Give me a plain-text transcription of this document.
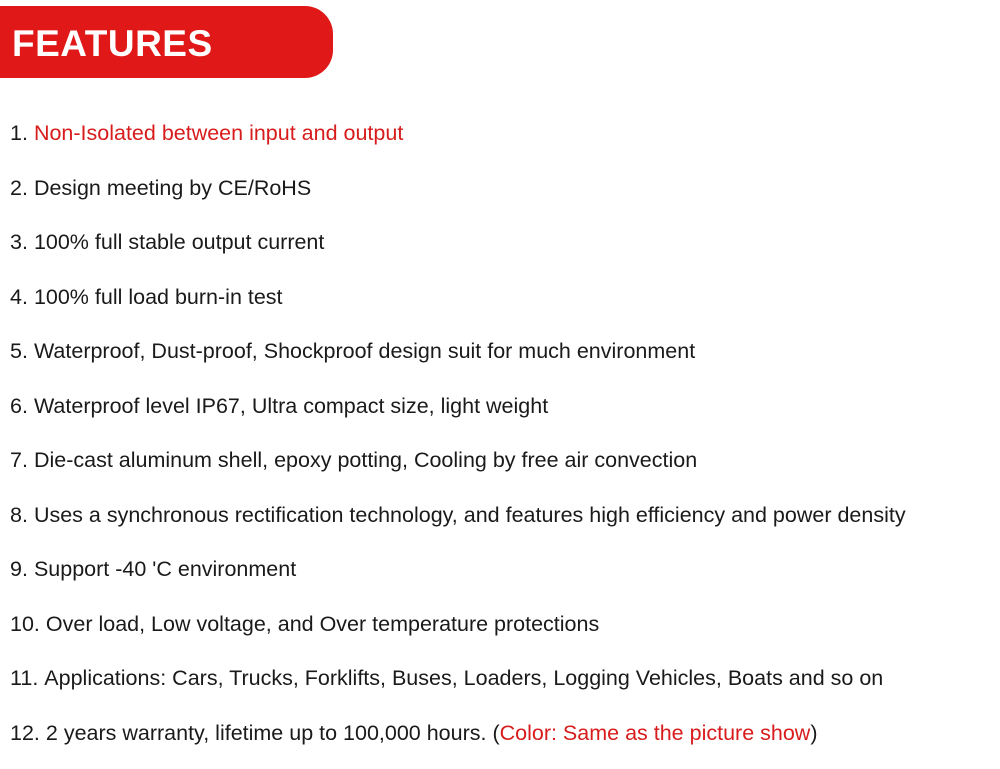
FEATURES
1. Non-Isolated between input and output
2. Design meeting by CE/RoHS
3. 100% full stable output current
4. 100% full load burn-in test
5. Waterproof, Dust-proof, Shockproof design suit for much environment
6. Waterproof level IP67, Ultra compact size, light weight
7. Die-cast aluminum shell, epoxy potting, Cooling by free air convection
8. Uses a synchronous rectification technology, and features high efficiency and power density
9. Support -40 'C environment
10. Over load, Low voltage, and Over temperature protections
11. Applications: Cars, Trucks, Forklifts, Buses, Loaders, Logging Vehicles, Boats and so on
12. 2 years warranty, lifetime up to 100,000 hours. ( Color: Same as the picture show )
